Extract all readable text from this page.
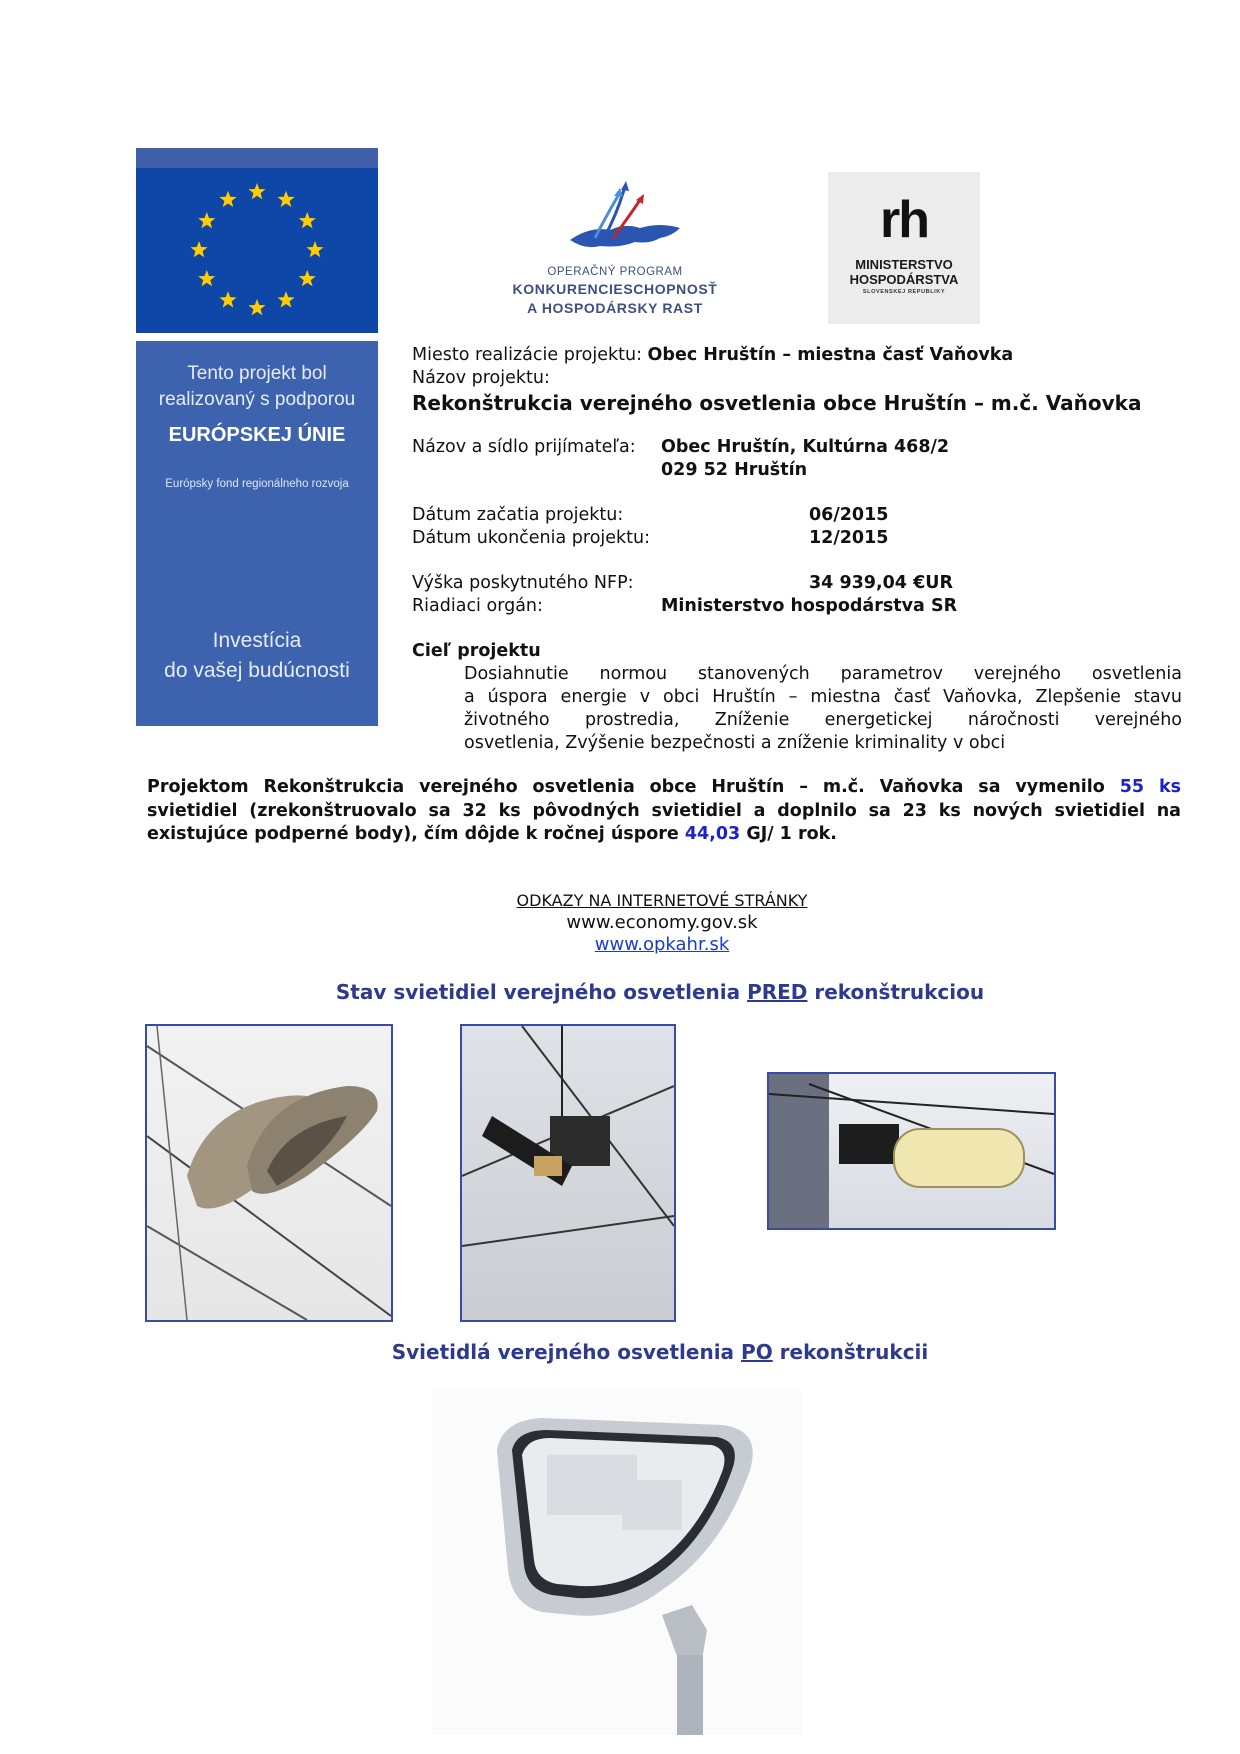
Tento projekt bol
realizovaný s podporou
EURÓPSKEJ ÚNIE
Európsky fond regionálneho rozvoja
Investícia
do vašej budúcnosti
OPERAČNÝ PROGRAM
KONKURENCIESCHOPNOSŤ
A HOSPODÁRSKY RAST
rh
MINISTERSTVO
HOSPODÁRSTVA
SLOVENSKEJ REPUBLIKY
Miesto realizácie projektu: Obec Hruštín – miestna časť Vaňovka
Názov projektu:
Rekonštrukcia verejného osvetlenia obce Hruštín – m.č. Vaňovka
Názov a sídlo prijímateľa: Obec Hruštín, Kultúrna 468/2
029 52 Hruštín
Dátum začatia projektu:	06/2015
Dátum ukončenia projektu:	12/2015
Výška poskytnutého NFP:	34 939,04 €UR
Riadiaci orgán:	Ministerstvo hospodárstva SR
Cieľ projektu
Dosiahnutie normou stanovených parametrov verejného osvetlenia
a úspora energie v obci Hruštín – miestna časť Vaňovka, Zlepšenie stavu
životného prostredia, Zníženie energetickej náročnosti verejného
osvetlenia, Zvýšenie bezpečnosti a zníženie kriminality v obci
Projektom Rekonštrukcia verejného osvetlenia obce Hruštín – m.č. Vaňovka sa vymenilo 55 ks
svietidiel (zrekonštruovalo sa 32 ks pôvodných svietidiel a doplnilo sa 23 ks nových svietidiel na
existujúce podperné body), čím dôjde k ročnej úspore 44,03 GJ/ 1 rok.
ODKAZY NA INTERNETOVÉ STRÁNKY
www.economy.gov.sk
www.opkahr.sk
Stav svietidiel verejného osvetlenia PRED rekonštrukciou
Svietidlá verejného osvetlenia PO rekonštrukcii
